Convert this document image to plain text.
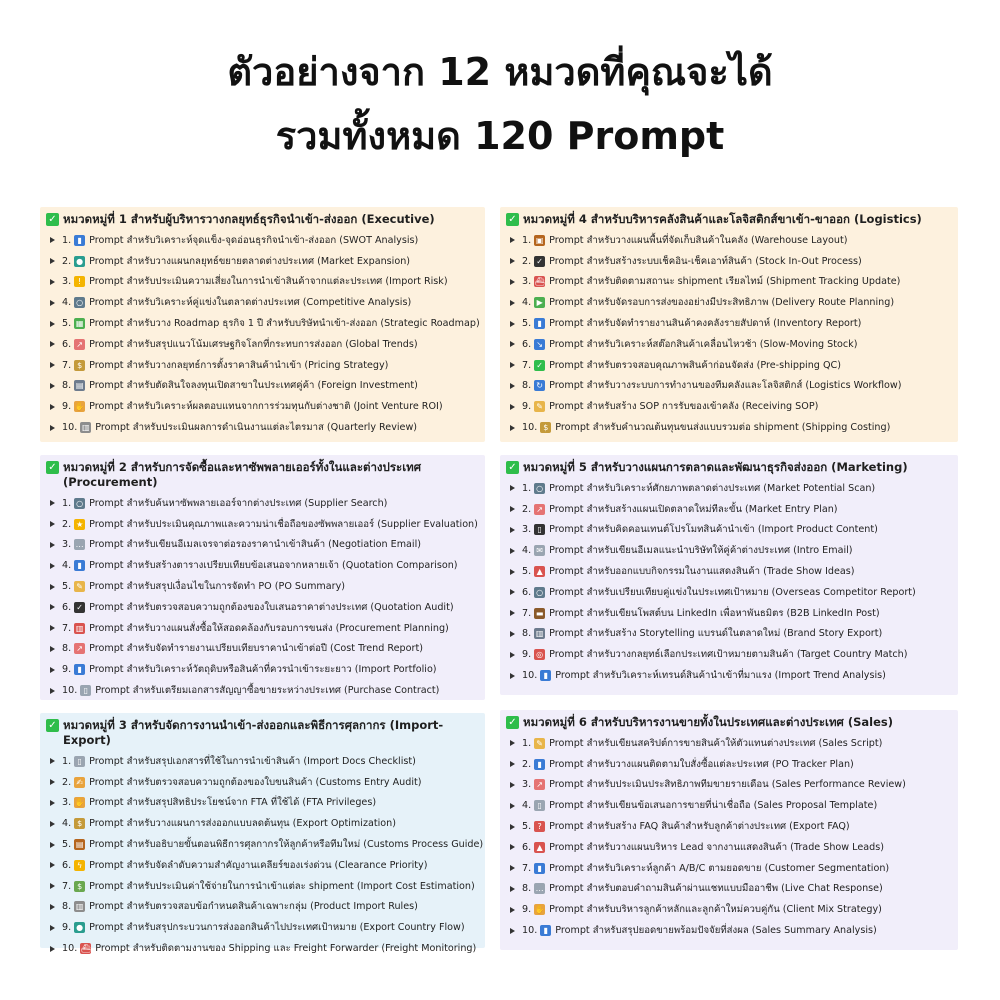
ตัวอย่างจาก 12 หมวดที่คุณจะได้
รวมทั้งหมด 120 Prompt
✓ หมวดหมู่ที่ 1 สำหรับผู้บริหารวางกลยุทธ์ธุรกิจนำเข้า-ส่งออก (Executive)
1. ▮ Prompt สำหรับวิเคราะห์จุดแข็ง-จุดอ่อนธุรกิจนำเข้า-ส่งออก (SWOT Analysis)
2. ● Prompt สำหรับวางแผนกลยุทธ์ขยายตลาดต่างประเทศ (Market Expansion)
3. ! Prompt สำหรับประเมินความเสี่ยงในการนำเข้าสินค้าจากแต่ละประเทศ (Import Risk)
4. ○ Prompt สำหรับวิเคราะห์คู่แข่งในตลาดต่างประเทศ (Competitive Analysis)
5. ▦ Prompt สำหรับวาง Roadmap ธุรกิจ 1 ปี สำหรับบริษัทนำเข้า-ส่งออก (Strategic Roadmap)
6. ↗ Prompt สำหรับสรุปแนวโน้มเศรษฐกิจโลกที่กระทบการส่งออก (Global Trends)
7. $ Prompt สำหรับวางกลยุทธ์การตั้งราคาสินค้านำเข้า (Pricing Strategy)
8. ▤ Prompt สำหรับตัดสินใจลงทุนเปิดสาขาในประเทศคู่ค้า (Foreign Investment)
9. ✋ Prompt สำหรับวิเคราะห์ผลตอบแทนจากการร่วมทุนกับต่างชาติ (Joint Venture ROI)
10. ▥ Prompt สำหรับประเมินผลการดำเนินงานแต่ละไตรมาส (Quarterly Review)
✓ หมวดหมู่ที่ 2 สำหรับการจัดซื้อและหาซัพพลายเออร์ทั้งในและต่างประเทศ (Procurement)
1. ○ Prompt สำหรับค้นหาซัพพลายเออร์จากต่างประเทศ (Supplier Search)
2. ★ Prompt สำหรับประเมินคุณภาพและความน่าเชื่อถือของซัพพลายเออร์ (Supplier Evaluation)
3. … Prompt สำหรับเขียนอีเมลเจรจาต่อรองราคานำเข้าสินค้า (Negotiation Email)
4. ▮ Prompt สำหรับสร้างตารางเปรียบเทียบข้อเสนอจากหลายเจ้า (Quotation Comparison)
5. ✎ Prompt สำหรับสรุปเงื่อนไขในการจัดทำ PO (PO Summary)
6. ✓ Prompt สำหรับตรวจสอบความถูกต้องของใบเสนอราคาต่างประเทศ (Quotation Audit)
7. ▥ Prompt สำหรับวางแผนสั่งซื้อให้สอดคล้องกับรอบการขนส่ง (Procurement Planning)
8. ↗ Prompt สำหรับจัดทำรายงานเปรียบเทียบราคานำเข้าต่อปี (Cost Trend Report)
9. ▮ Prompt สำหรับวิเคราะห์วัตถุดิบหรือสินค้าที่ควรนำเข้าระยะยาว (Import Portfolio)
10. ▯ Prompt สำหรับเตรียมเอกสารสัญญาซื้อขายระหว่างประเทศ (Purchase Contract)
✓ หมวดหมู่ที่ 3 สำหรับจัดการงานนำเข้า-ส่งออกและพิธีการศุลกากร (Import-Export)
1. ▯ Prompt สำหรับสรุปเอกสารที่ใช้ในการนำเข้าสินค้า (Import Docs Checklist)
2. ✍ Prompt สำหรับตรวจสอบความถูกต้องของใบขนสินค้า (Customs Entry Audit)
3. ✋ Prompt สำหรับสรุปสิทธิประโยชน์จาก FTA ที่ใช้ได้ (FTA Privileges)
4. $ Prompt สำหรับวางแผนการส่งออกแบบลดต้นทุน (Export Optimization)
5. ▤ Prompt สำหรับอธิบายขั้นตอนพิธีการศุลกากรให้ลูกค้าหรือทีมใหม่ (Customs Process Guide)
6. ϟ Prompt สำหรับจัดลำดับความสำคัญงานเคลียร์ของเร่งด่วน (Clearance Priority)
7. $ Prompt สำหรับประเมินค่าใช้จ่ายในการนำเข้าแต่ละ shipment (Import Cost Estimation)
8. ▥ Prompt สำหรับตรวจสอบข้อกำหนดสินค้าเฉพาะกลุ่ม (Product Import Rules)
9. ● Prompt สำหรับสรุปกระบวนการส่งออกสินค้าไปประเทศเป้าหมาย (Export Country Flow)
10. ⛴ Prompt สำหรับติดตามงานของ Shipping และ Freight Forwarder (Freight Monitoring)
✓ หมวดหมู่ที่ 4 สำหรับบริหารคลังสินค้าและโลจิสติกส์ขาเข้า-ขาออก (Logistics)
1. ▣ Prompt สำหรับวางแผนพื้นที่จัดเก็บสินค้าในคลัง (Warehouse Layout)
2. ✓ Prompt สำหรับสร้างระบบเช็คอิน-เช็คเอาท์สินค้า (Stock In-Out Process)
3. ⛴ Prompt สำหรับติดตามสถานะ shipment เรียลไทม์ (Shipment Tracking Update)
4. ▶ Prompt สำหรับจัดรอบการส่งของอย่างมีประสิทธิภาพ (Delivery Route Planning)
5. ▮ Prompt สำหรับจัดทำรายงานสินค้าคงคลังรายสัปดาห์ (Inventory Report)
6. ↘ Prompt สำหรับวิเคราะห์สต๊อกสินค้าเคลื่อนไหวช้า (Slow-Moving Stock)
7. ✓ Prompt สำหรับตรวจสอบคุณภาพสินค้าก่อนจัดส่ง (Pre-shipping QC)
8. ↻ Prompt สำหรับวางระบบการทำงานของทีมคลังและโลจิสติกส์ (Logistics Workflow)
9. ✎ Prompt สำหรับสร้าง SOP การรับของเข้าคลัง (Receiving SOP)
10. $ Prompt สำหรับคำนวณต้นทุนขนส่งแบบรวมต่อ shipment (Shipping Costing)
✓ หมวดหมู่ที่ 5 สำหรับวางแผนการตลาดและพัฒนาธุรกิจส่งออก (Marketing)
1. ○ Prompt สำหรับวิเคราะห์ศักยภาพตลาดต่างประเทศ (Market Potential Scan)
2. ↗ Prompt สำหรับสร้างแผนเปิดตลาดใหม่ทีละขั้น (Market Entry Plan)
3. ▯ Prompt สำหรับคิดคอนเทนต์โปรโมทสินค้านำเข้า (Import Product Content)
4. ✉ Prompt สำหรับเขียนอีเมลแนะนำบริษัทให้คู่ค้าต่างประเทศ (Intro Email)
5. ▲ Prompt สำหรับออกแบบกิจกรรมในงานแสดงสินค้า (Trade Show Ideas)
6. ○ Prompt สำหรับเปรียบเทียบคู่แข่งในประเทศเป้าหมาย (Overseas Competitor Report)
7. ▬ Prompt สำหรับเขียนโพสต์บน LinkedIn เพื่อหาพันธมิตร (B2B LinkedIn Post)
8. ▥ Prompt สำหรับสร้าง Storytelling แบรนด์ในตลาดใหม่ (Brand Story Export)
9. ◎ Prompt สำหรับวางกลยุทธ์เลือกประเทศเป้าหมายตามสินค้า (Target Country Match)
10. ▮ Prompt สำหรับวิเคราะห์เทรนด์สินค้านำเข้าที่มาแรง (Import Trend Analysis)
✓ หมวดหมู่ที่ 6 สำหรับบริหารงานขายทั้งในประเทศและต่างประเทศ (Sales)
1. ✎ Prompt สำหรับเขียนสคริปต์การขายสินค้าให้ตัวแทนต่างประเทศ (Sales Script)
2. ▮ Prompt สำหรับวางแผนติดตามใบสั่งซื้อแต่ละประเทศ (PO Tracker Plan)
3. ↗ Prompt สำหรับประเมินประสิทธิภาพทีมขายรายเดือน (Sales Performance Review)
4. ▯ Prompt สำหรับเขียนข้อเสนอการขายที่น่าเชื่อถือ (Sales Proposal Template)
5. ? Prompt สำหรับสร้าง FAQ สินค้าสำหรับลูกค้าต่างประเทศ (Export FAQ)
6. ▲ Prompt สำหรับวางแผนบริหาร Lead จากงานแสดงสินค้า (Trade Show Leads)
7. ▮ Prompt สำหรับวิเคราะห์ลูกค้า A/B/C ตามยอดขาย (Customer Segmentation)
8. … Prompt สำหรับตอบคำถามสินค้าผ่านแชทแบบมืออาชีพ (Live Chat Response)
9. ✋ Prompt สำหรับบริหารลูกค้าหลักและลูกค้าใหม่ควบคู่กัน (Client Mix Strategy)
10. ▮ Prompt สำหรับสรุปยอดขายพร้อมปัจจัยที่ส่งผล (Sales Summary Analysis)
